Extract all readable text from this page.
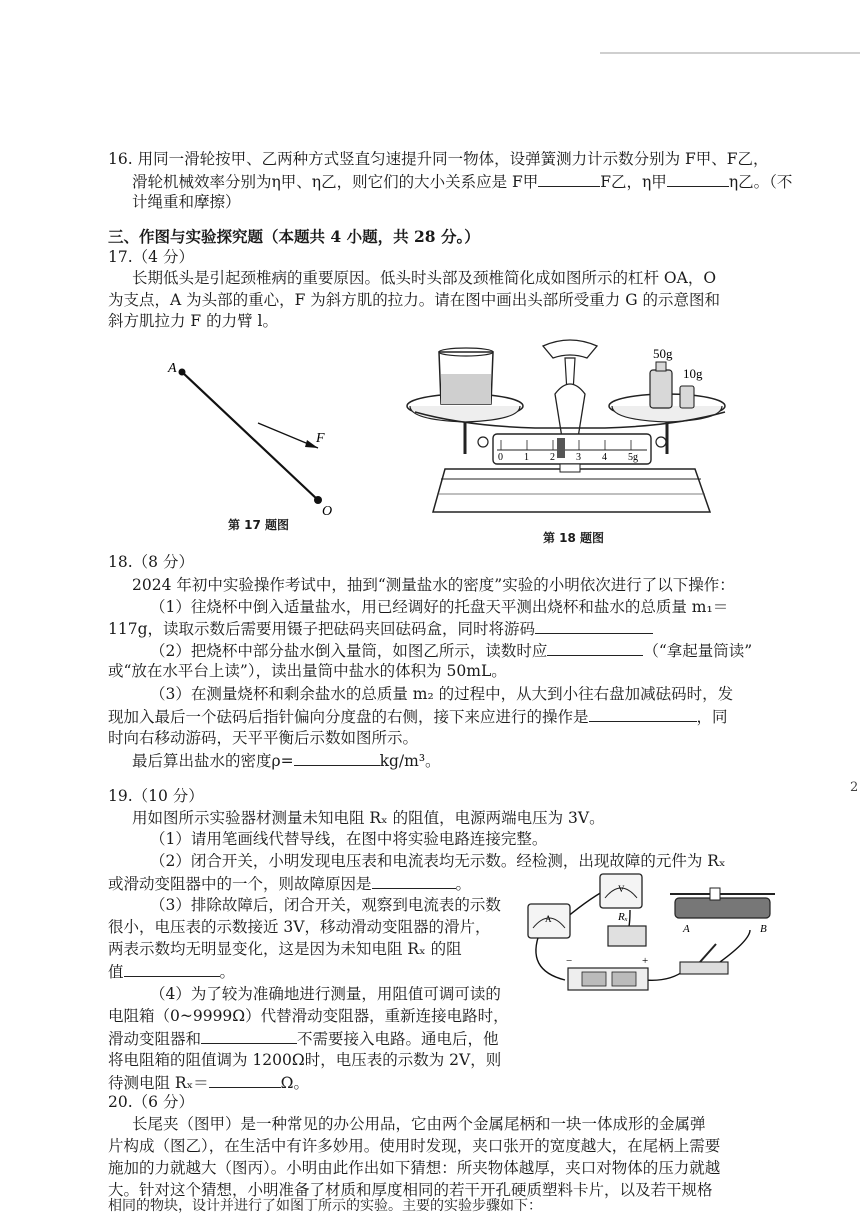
16. 用同一滑轮按甲、乙两种方式竖直匀速提升同一物体，设弹簧测力计示数分别为 F甲、F乙，
滑轮机械效率分别为η甲、η乙，则它们的大小关系应是 F甲	F乙，η甲	η乙。（不
计绳重和摩擦）
三、作图与实验探究题（本题共 4 小题，共 28 分。）
17.（4 分）
长期低头是引起颈椎病的重要原因。低头时头部及颈椎简化成如图所示的杠杆 OA，O
为支点，A 为头部的重心，F 为斜方肌的拉力。请在图中画出头部所受重力 G 的示意图和
斜方肌拉力 F 的力臂 l。
A
F
O
第 17 题图
50g
10g
0 1 2 3 4 5g
第 18 题图
18.（8 分）
2024 年初中实验操作考试中，抽到“测量盐水的密度”实验的小明依次进行了以下操作：
（1）往烧杯中倒入适量盐水，用已经调好的托盘天平测出烧杯和盐水的总质量 m₁＝
117g，读取示数后需要用镊子把砝码夹回砝码盒，同时将游码
（2）把烧杯中部分盐水倒入量筒，如图乙所示，读数时应	（“拿起量筒读”
或“放在水平台上读”），读出量筒中盐水的体积为 50mL。
（3）在测量烧杯和剩余盐水的总质量 m₂ 的过程中，从大到小往右盘加减砝码时，发
现加入最后一个砝码后指针偏向分度盘的右侧，接下来应进行的操作是	，同
时向右移动游码，天平平衡后示数如图所示。
最后算出盐水的密度ρ=	kg/m³。
19.（10 分）
用如图所示实验器材测量未知电阻 Rₓ 的阻值，电源两端电压为 3V。
（1）请用笔画线代替导线，在图中将实验电路连接完整。
（2）闭合开关，小明发现电压表和电流表均无示数。经检测，出现故障的元件为 Rₓ
或滑动变阻器中的一个，则故障原因是	。
（3）排除故障后，闭合开关，观察到电流表的示数
很小，电压表的示数接近 3V，移动滑动变阻器的滑片，
两表示数均无明显变化，这是因为未知电阻 Rₓ 的阻
值	。
（4）为了较为准确地进行测量，用阻值可调可读的
电阻箱（0~9999Ω）代替滑动变阻器，重新连接电路时，
滑动变阻器和	不需要接入电路。通电后，他
将电阻箱的阻值调为 1200Ω时，电压表的示数为 2V，则
待测电阻 Rₓ＝	Ω。
A
V
Rₓ
A	B
−	+
20.（6 分）
长尾夹（图甲）是一种常见的办公用品，它由两个金属尾柄和一块一体成形的金属弹
片构成（图乙），在生活中有许多妙用。使用时发现，夹口张开的宽度越大，在尾柄上需要
施加的力就越大（图丙）。小明由此作出如下猜想：所夹物体越厚，夹口对物体的压力就越
大。针对这个猜想，小明准备了材质和厚度相同的若干开孔硬质塑料卡片，以及若干规格
相同的物块，设计并进行了如图丁所示的实验。主要的实验步骤如下：
2
